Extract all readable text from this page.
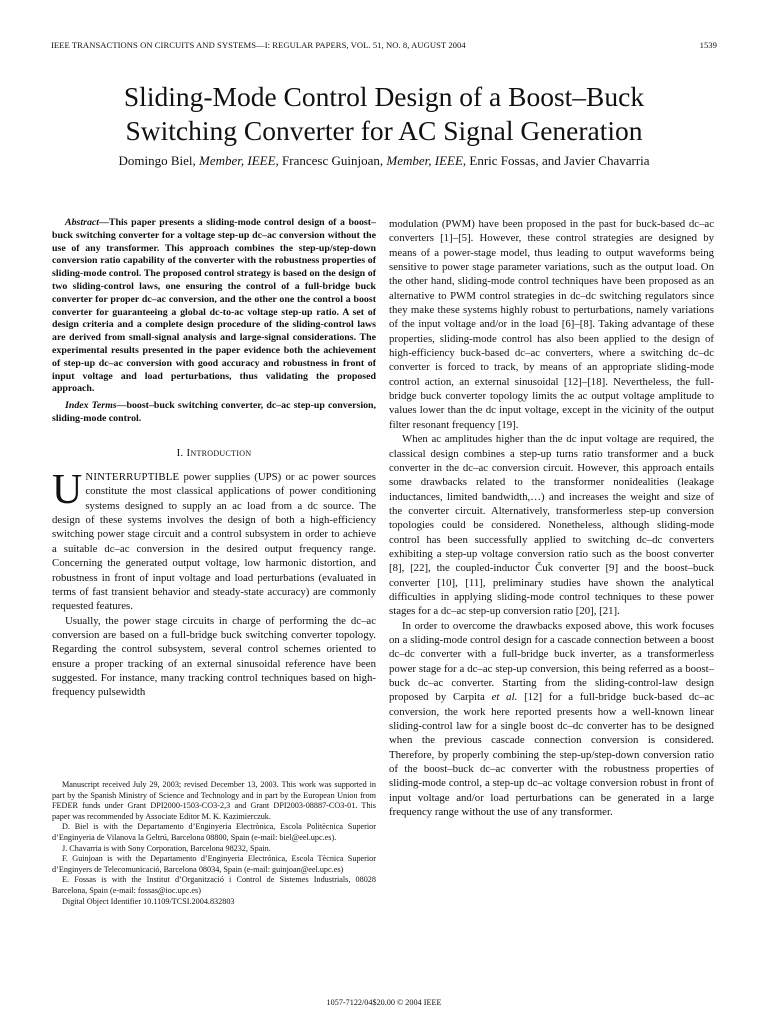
IEEE TRANSACTIONS ON CIRCUITS AND SYSTEMS—I: REGULAR PAPERS, VOL. 51, NO. 8, AUGUST 2004	1539
Sliding-Mode Control Design of a Boost–Buck
Switching Converter for AC Signal Generation
Domingo Biel, Member, IEEE, Francesc Guinjoan, Member, IEEE, Enric Fossas, and Javier Chavarria

Abstract—This paper presents a sliding-mode control design of a boost–buck switching converter for a voltage step-up dc–ac conversion without the use of any transformer. This approach combines the step-up/step-down conversion ratio capability of the converter with the robustness properties of sliding-mode control. The proposed control strategy is based on the design of two sliding-control laws, one ensuring the control of a full-bridge buck converter for proper dc–ac conversion, and the other one the control a boost converter for guaranteeing a global dc-to-ac voltage step-up ratio. A set of design criteria and a complete design procedure of the sliding-control laws are derived from small-signal analysis and large-signal considerations. The experimental results presented in the paper evidence both the achievement of step-up dc–ac conversion with good accuracy and robustness in front of input voltage and load perturbations, thus validating the proposed approach.

Index Terms—boost–buck switching converter, dc–ac step-up conversion, sliding-mode control.

I. Introduction

UNINTERRUPTIBLE power supplies (UPS) or ac power sources constitute the most classical applications of power conditioning systems designed to supply an ac load from a dc source. The design of these systems involves the design of both a high-efficiency switching power stage circuit and a control subsystem in order to achieve a suitable dc–ac conversion in the desired output frequency range. Concerning the generated output voltage, low harmonic distortion, and robustness in front of input voltage and load perturbations (evaluated in terms of fast transient behavior and steady-state accuracy) are commonly requested features.

Usually, the power stage circuits in charge of performing the dc–ac conversion are based on a full-bridge buck switching converter topology. Regarding the control subsystem, several control schemes oriented to ensure a proper tracking of an external sinusoidal reference have been suggested. For instance, many tracking control techniques based on high-frequency pulsewidth

Manuscript received July 29, 2003; revised December 13, 2003. This work was supported in part by the Spanish Ministry of Science and Technology and in part by the European Union from FEDER funds under Grant DPI2000-1503-CO3-2,3 and Grant DPI2003-08887-CO3-01. This paper was recommended by Associate Editor M. K. Kazimierczuk.

D. Biel is with the Departamento d’Enginyeria Electrònica, Escola Politècnica Superior d’Enginyeria de Vilanova la Geltrú, Barcelona 08800, Spain (e-mail: biel@eel.upc.es).

J. Chavarria is with Sony Corporation, Barcelona 98232, Spain.

F. Guinjoan is with the Departamento d’Enginyeria Electrónica, Escola Tècnica Superior d’Enginyers de Telecomunicació, Barcelona 08034, Spain (e-mail: guinjoan@eel.upc.es)

E. Fossas is with the Institut d’Organització i Control de Sistemes Industrials, 08028 Barcelona, Spain (e-mail: fossas@ioc.upc.es)

Digital Object Identifier 10.1109/TCSI.2004.832803

modulation (PWM) have been proposed in the past for buck-based dc–ac converters [1]–[5]. However, these control strategies are designed by means of a power-stage model, thus leading to output waveforms being sensitive to power stage parameter variations, such as the output load. On the other hand, sliding-mode control techniques have been proposed as an alternative to PWM control strategies in dc–dc switching regulators since they make these systems highly robust to perturbations, namely variations of the input voltage and/or in the load [6]–[8]. Taking advantage of these properties, sliding-mode control has also been applied to the design of high-efficiency buck-based dc–ac converters, where a switching dc–dc converter is forced to track, by means of an appropriate sliding-mode control action, an external sinusoidal [12]–[18]. Nevertheless, the full-bridge buck converter topology limits the ac output voltage amplitude to values lower than the dc input voltage, except in the vicinity of the output filter resonant frequency [19].

When ac amplitudes higher than the dc input voltage are required, the classical design combines a step-up turns ratio transformer and a buck converter in the dc–ac conversion circuit. However, this approach entails some drawbacks related to the transformer nonidealities (leakage inductances, limited bandwidth,…) and increases the weight and size of the converter circuit. Alternatively, transformerless step-up conversion topologies could be considered. Nonetheless, although sliding-mode control has been successfully applied to switching dc–dc converters exhibiting a step-up voltage conversion ratio such as the boost converter [8], [22], the coupled-inductor Čuk converter [9] and the boost–buck converter [10], [11], preliminary studies have shown the analytical difficulties in applying sliding-mode control techniques to these power stages for a dc–ac step-up conversion ratio [20], [21].

In order to overcome the drawbacks exposed above, this work focuses on a sliding-mode control design for a cascade connection between a boost dc–dc converter with a full-bridge buck inverter, as a transformerless power stage for a dc–ac step-up conversion, this being referred as a boost–buck dc–ac converter. Starting from the sliding-control-law design proposed by Carpita et al. [12] for a full-bridge buck-based dc–ac conversion, the work here reported presents how a well-known linear sliding-control law for a single boost dc–dc converter has to be designed when the previous cascade connection conversion is considered. Therefore, by properly combining the step-up/step-down conversion ratio of the boost–buck dc–ac converter with the robustness properties of sliding-mode control, a step-up dc–ac voltage conversion robust in front of input voltage and/or load perturbations can be generated in a large frequency range without the use of any transformer.

1057-7122/04$20.00 © 2004 IEEE
